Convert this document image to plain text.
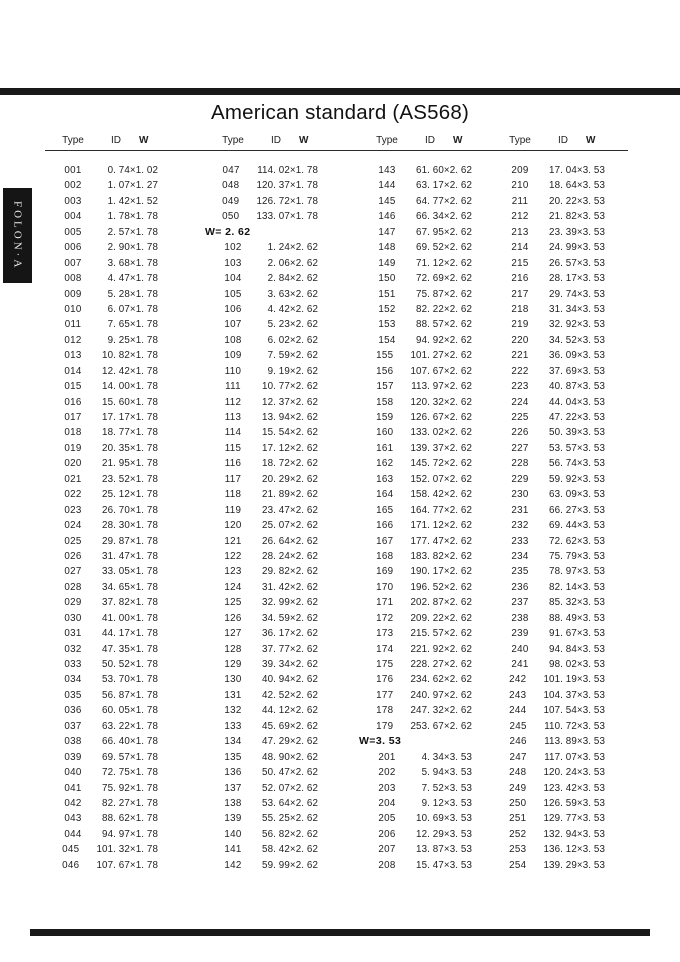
FOLON·A
American standard (AS568)
Type	ID W	Type	ID W	Type	ID W	Type	ID W
001	0. 74×1. 02
002	1. 07×1. 27
003	1. 42×1. 52
004	1. 78×1. 78
005	2. 57×1. 78
006	2. 90×1. 78
007	3. 68×1. 78
008	4. 47×1. 78
009	5. 28×1. 78
010	6. 07×1. 78
011	7. 65×1. 78
012	9. 25×1. 78
013	10. 82×1. 78
014	12. 42×1. 78
015	14. 00×1. 78
016	15. 60×1. 78
017	17. 17×1. 78
018	18. 77×1. 78
019	20. 35×1. 78
020	21. 95×1. 78
021	23. 52×1. 78
022	25. 12×1. 78
023	26. 70×1. 78
024	28. 30×1. 78
025	29. 87×1. 78
026	31. 47×1. 78
027	33. 05×1. 78
028	34. 65×1. 78
029	37. 82×1. 78
030	41. 00×1. 78
031	44. 17×1. 78
032	47. 35×1. 78
033	50. 52×1. 78
034	53. 70×1. 78
035	56. 87×1. 78
036	60. 05×1. 78
037	63. 22×1. 78
038	66. 40×1. 78
039	69. 57×1. 78
040	72. 75×1. 78
041	75. 92×1. 78
042	82. 27×1. 78
043	88. 62×1. 78
044	94. 97×1. 78
045	101. 32×1. 78
046	107. 67×1. 78
047	114. 02×1. 78
048	120. 37×1. 78
049	126. 72×1. 78
050	133. 07×1. 78
W= 2. 62
102	1. 24×2. 62
103	2. 06×2. 62
104	2. 84×2. 62
105	3. 63×2. 62
106	4. 42×2. 62
107	5. 23×2. 62
108	6. 02×2. 62
109	7. 59×2. 62
110	9. 19×2. 62
111	10. 77×2. 62
112	12. 37×2. 62
113	13. 94×2. 62
114	15. 54×2. 62
115	17. 12×2. 62
116	18. 72×2. 62
117	20. 29×2. 62
118	21. 89×2. 62
119	23. 47×2. 62
120	25. 07×2. 62
121	26. 64×2. 62
122	28. 24×2. 62
123	29. 82×2. 62
124	31. 42×2. 62
125	32. 99×2. 62
126	34. 59×2. 62
127	36. 17×2. 62
128	37. 77×2. 62
129	39. 34×2. 62
130	40. 94×2. 62
131	42. 52×2. 62
132	44. 12×2. 62
133	45. 69×2. 62
134	47. 29×2. 62
135	48. 90×2. 62
136	50. 47×2. 62
137	52. 07×2. 62
138	53. 64×2. 62
139	55. 25×2. 62
140	56. 82×2. 62
141	58. 42×2. 62
142	59. 99×2. 62
143	61. 60×2. 62
144	63. 17×2. 62
145	64. 77×2. 62
146	66. 34×2. 62
147	67. 95×2. 62
148	69. 52×2. 62
149	71. 12×2. 62
150	72. 69×2. 62
151	75. 87×2. 62
152	82. 22×2. 62
153	88. 57×2. 62
154	94. 92×2. 62
155	101. 27×2. 62
156	107. 67×2. 62
157	113. 97×2. 62
158	120. 32×2. 62
159	126. 67×2. 62
160	133. 02×2. 62
161	139. 37×2. 62
162	145. 72×2. 62
163	152. 07×2. 62
164	158. 42×2. 62
165	164. 77×2. 62
166	171. 12×2. 62
167	177. 47×2. 62
168	183. 82×2. 62
169	190. 17×2. 62
170	196. 52×2. 62
171	202. 87×2. 62
172	209. 22×2. 62
173	215. 57×2. 62
174	221. 92×2. 62
175	228. 27×2. 62
176	234. 62×2. 62
177	240. 97×2. 62
178	247. 32×2. 62
179	253. 67×2. 62
W=3. 53
201	4. 34×3. 53
202	5. 94×3. 53
203	7. 52×3. 53
204	9. 12×3. 53
205	10. 69×3. 53
206	12. 29×3. 53
207	13. 87×3. 53
208	15. 47×3. 53
209	17. 04×3. 53
210	18. 64×3. 53
211	20. 22×3. 53
212	21. 82×3. 53
213	23. 39×3. 53
214	24. 99×3. 53
215	26. 57×3. 53
216	28. 17×3. 53
217	29. 74×3. 53
218	31. 34×3. 53
219	32. 92×3. 53
220	34. 52×3. 53
221	36. 09×3. 53
222	37. 69×3. 53
223	40. 87×3. 53
224	44. 04×3. 53
225	47. 22×3. 53
226	50. 39×3. 53
227	53. 57×3. 53
228	56. 74×3. 53
229	59. 92×3. 53
230	63. 09×3. 53
231	66. 27×3. 53
232	69. 44×3. 53
233	72. 62×3. 53
234	75. 79×3. 53
235	78. 97×3. 53
236	82. 14×3. 53
237	85. 32×3. 53
238	88. 49×3. 53
239	91. 67×3. 53
240	94. 84×3. 53
241	98. 02×3. 53
242	101. 19×3. 53
243	104. 37×3. 53
244	107. 54×3. 53
245	110. 72×3. 53
246	113. 89×3. 53
247	117. 07×3. 53
248	120. 24×3. 53
249	123. 42×3. 53
250	126. 59×3. 53
251	129. 77×3. 53
252	132. 94×3. 53
253	136. 12×3. 53
254	139. 29×3. 53
